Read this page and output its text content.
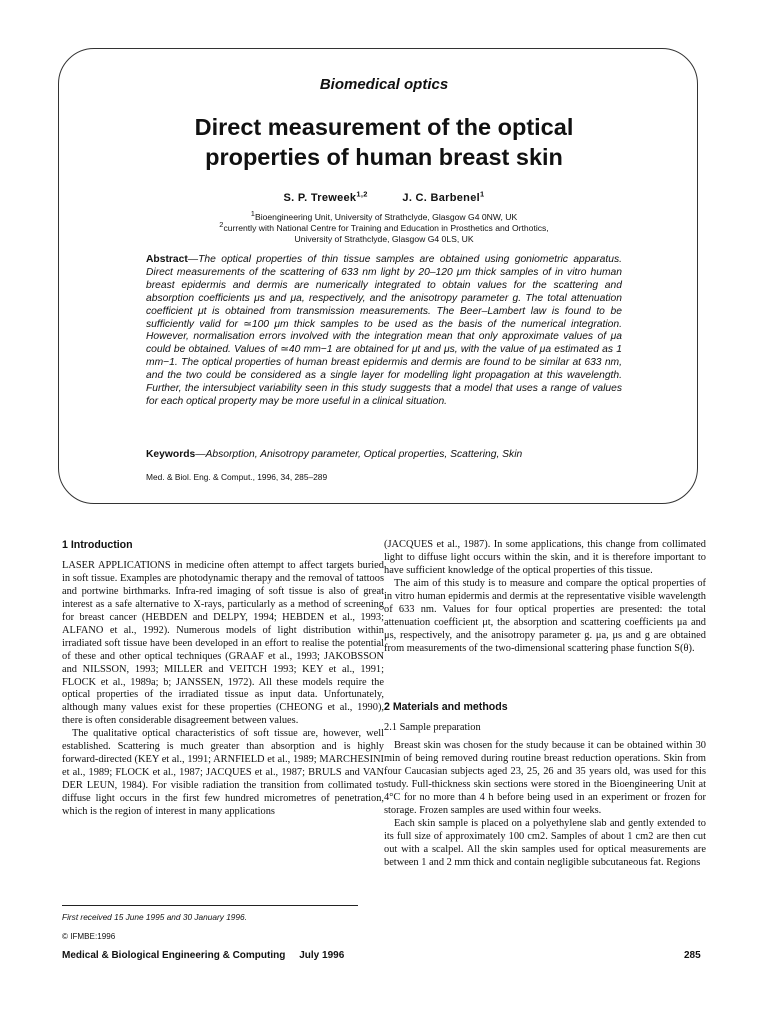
Biomedical optics
Direct measurement of the optical
properties of human breast skin
S. P. Treweek$^{1,2}$	J. C. Barbenel$^1$
$^1$Bioengineering Unit, University of Strathclyde, Glasgow G4 0NW, UK
$^2$currently with National Centre for Training and Education in Prosthetics and Orthotics,
University of Strathclyde, Glasgow G4 0LS, UK

Abstract—The optical properties of thin tissue samples are obtained using goniometric apparatus. Direct measurements of the scattering of 633 nm light by 20–120 μm thick samples of in vitro human breast epidermis and dermis are numerically integrated to obtain values for the scattering and absorption coefficients μs and μa, respectively, and the anisotropy parameter g. The total attenuation coefficient μt is obtained from transmission measurements. The Beer–Lambert law is found to be sufficiently valid for ≃100 μm thick samples to be used as the basis of the numerical integration. However, normalisation errors involved with the integration mean that only approximate values of μa could be obtained. Values of ≃40 mm−1 are obtained for μt and μs, with the value of μa estimated as 1 mm−1. The optical properties of human breast epidermis and dermis are found to be similar at 633 nm, and the two could be considered as a single layer for modelling light propagation at this wavelength. Further, the intersubject variability seen in this study suggests that a model that uses a range of values for each optical property may be more useful in a clinical situation.

Keywords—Absorption, Anisotropy parameter, Optical properties, Scattering, Skin
Med. & Biol. Eng. & Comput., 1996, 34, 285–289
1 Introduction

LASER APPLICATIONS in medicine often attempt to affect targets buried in soft tissue. Examples are photodynamic therapy and the removal of tattoos and portwine birthmarks. Infra-red imaging of soft tissue is also of great interest as a safe alternative to X-rays, particularly as a method of screening for breast cancer (HEBDEN and DELPY, 1994; HEBDEN et al., 1993; ALFANO et al., 1992). Numerous models of light distribution within irradiated soft tissue have been developed in an effort to realise the potential of these and other optical techniques (GRAAF et al., 1993; JAKOBSSON and NILSSON, 1993; MILLER and VEITCH 1993; KEY et al., 1991; FLOCK et al., 1989a; b; JANSSEN, 1972). All these models require the optical properties of the irradiated tissue as input data. Unfortunately, although many values exist for these properties (CHEONG et al., 1990), there is often considerable disagreement between values.

The qualitative optical characteristics of soft tissue are, however, well established. Scattering is much greater than absorption and is highly forward-directed (KEY et al., 1991; ARNFIELD et al., 1989; MARCHESINI et al., 1989; FLOCK et al., 1987; JACQUES et al., 1987; BRULS and VAN DER LEUN, 1984). For visible radiation the transition from collimated to diffuse light occurs in the first few hundred micrometres of penetration, which is the region of interest in many applications

(JACQUES et al., 1987). In some applications, this change from collimated light to diffuse light occurs within the skin, and it is therefore important to have sufficient knowledge of the optical properties of this tissue.

The aim of this study is to measure and compare the optical properties of in vitro human epidermis and dermis at the representative visible wavelength of 633 nm. Values for four optical properties are presented: the total attenuation coefficient μt, the absorption and scattering coefficients μa and μs, respectively, and the anisotropy parameter g. μa, μs and g are obtained from measurements of the two-dimensional scattering phase function S(θ).

2 Materials and methods
2.1 Sample preparation

Breast skin was chosen for the study because it can be obtained within 30 min of being removed during routine breast reduction operations. Skin from four Caucasian subjects aged 23, 25, 26 and 35 years old, was used for this study. Full-thickness skin sections were stored in the Bioengineering Unit at 4°C for no more than 4 h before being used in an experiment or frozen for storage. Frozen samples are used within four weeks.

Each skin sample is placed on a polyethylene slab and gently extended to its full size of approximately 100 cm2. Samples of about 1 cm2 are then cut out with a scalpel. All the skin samples used for optical measurements are between 1 and 2 mm thick and contain negligible subcutaneous fat. Regions

First received 15 June 1995 and 30 January 1996.
© IFMBE:1996
Medical & Biological Engineering & Computing     July 1996	285
